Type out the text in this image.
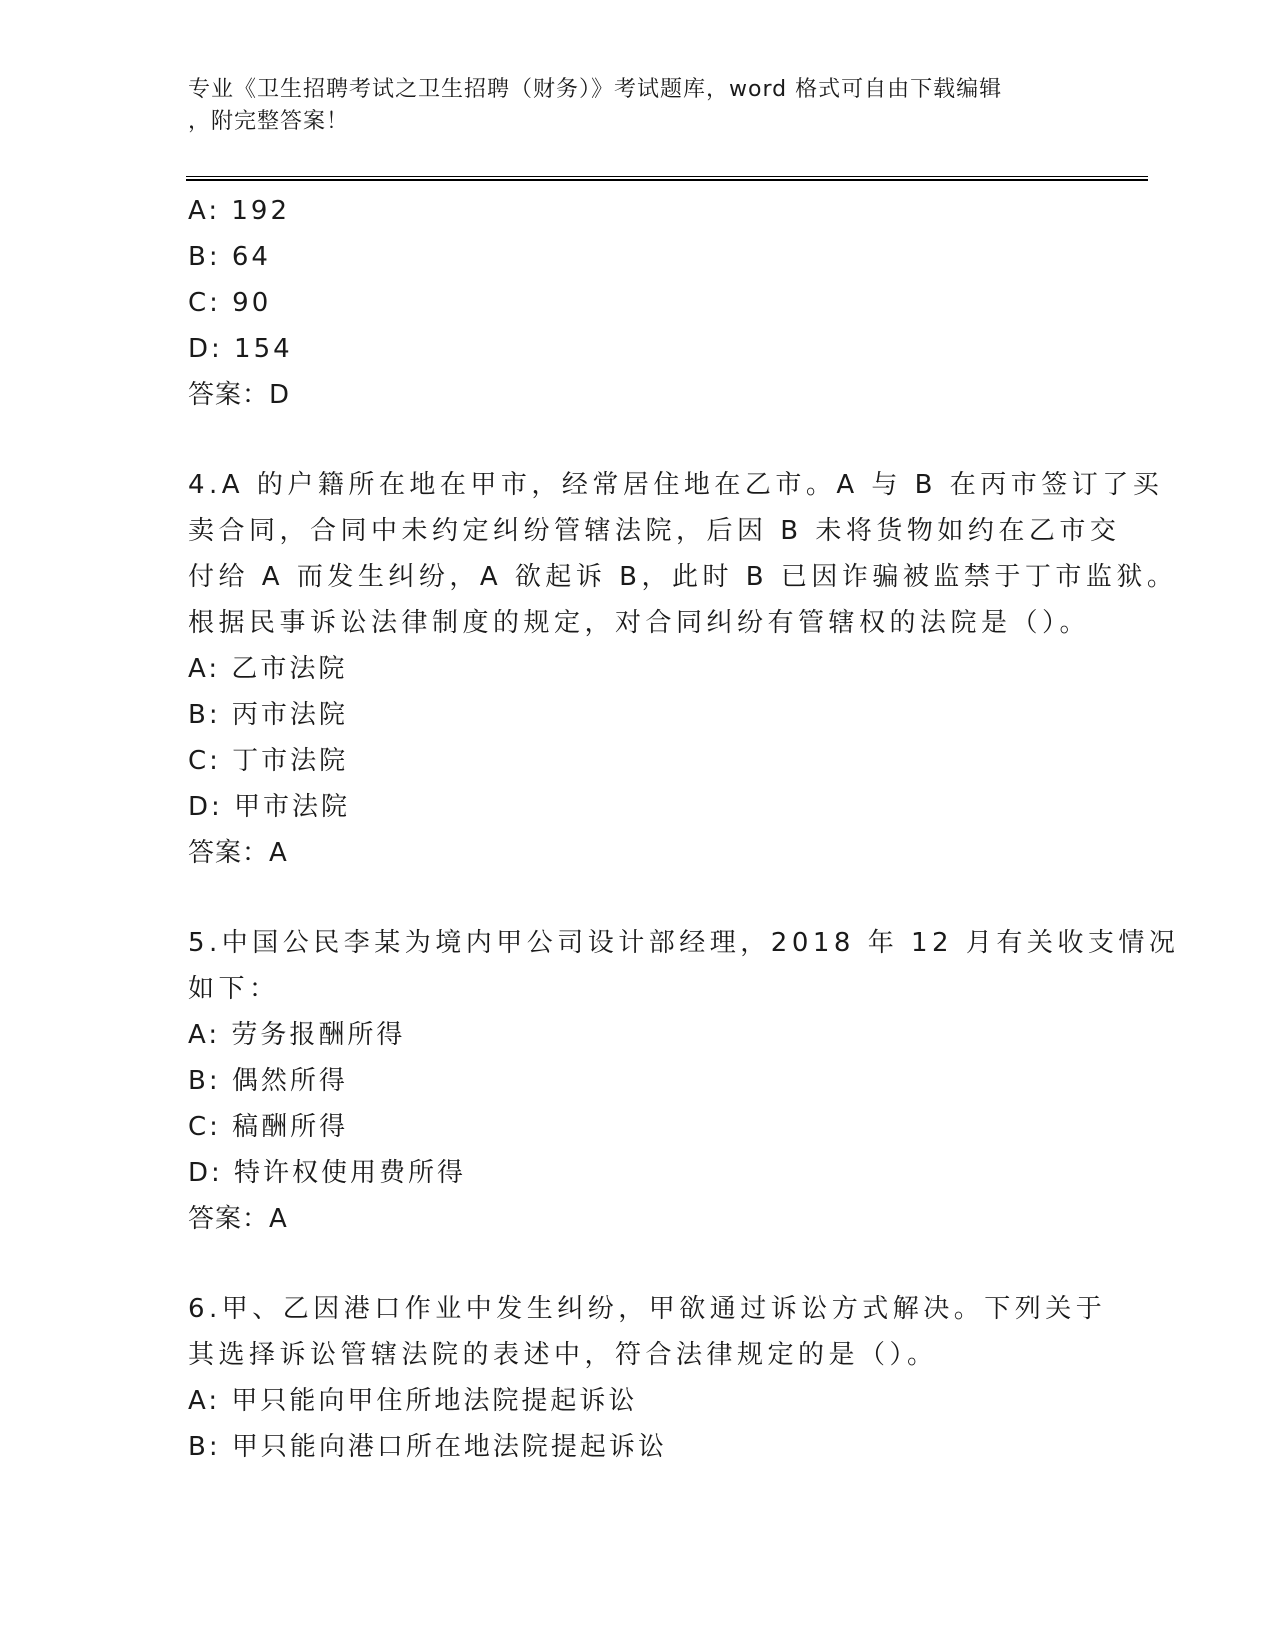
专业《卫生招聘考试之卫生招聘（财务）》考试题库，word 格式可自由下载编辑
，附完整答案！
A: 192
B: 64
C: 90
D: 154
答案：D
4.A 的户籍所在地在甲市，经常居住地在乙市。A 与 B 在丙市签订了买
卖合同，合同中未约定纠纷管辖法院，后因 B 未将货物如约在乙市交
付给 A 而发生纠纷，A 欲起诉 B，此时 B 已因诈骗被监禁于丁市监狱。
根据民事诉讼法律制度的规定，对合同纠纷有管辖权的法院是（）。
A: 乙市法院
B: 丙市法院
C: 丁市法院
D: 甲市法院
答案：A
5.中国公民李某为境内甲公司设计部经理，2018 年 12 月有关收支情况
如下：
A: 劳务报酬所得
B: 偶然所得
C: 稿酬所得
D: 特许权使用费所得
答案：A
6.甲、乙因港口作业中发生纠纷，甲欲通过诉讼方式解决。下列关于
其选择诉讼管辖法院的表述中，符合法律规定的是（）。
A: 甲只能向甲住所地法院提起诉讼
B: 甲只能向港口所在地法院提起诉讼
